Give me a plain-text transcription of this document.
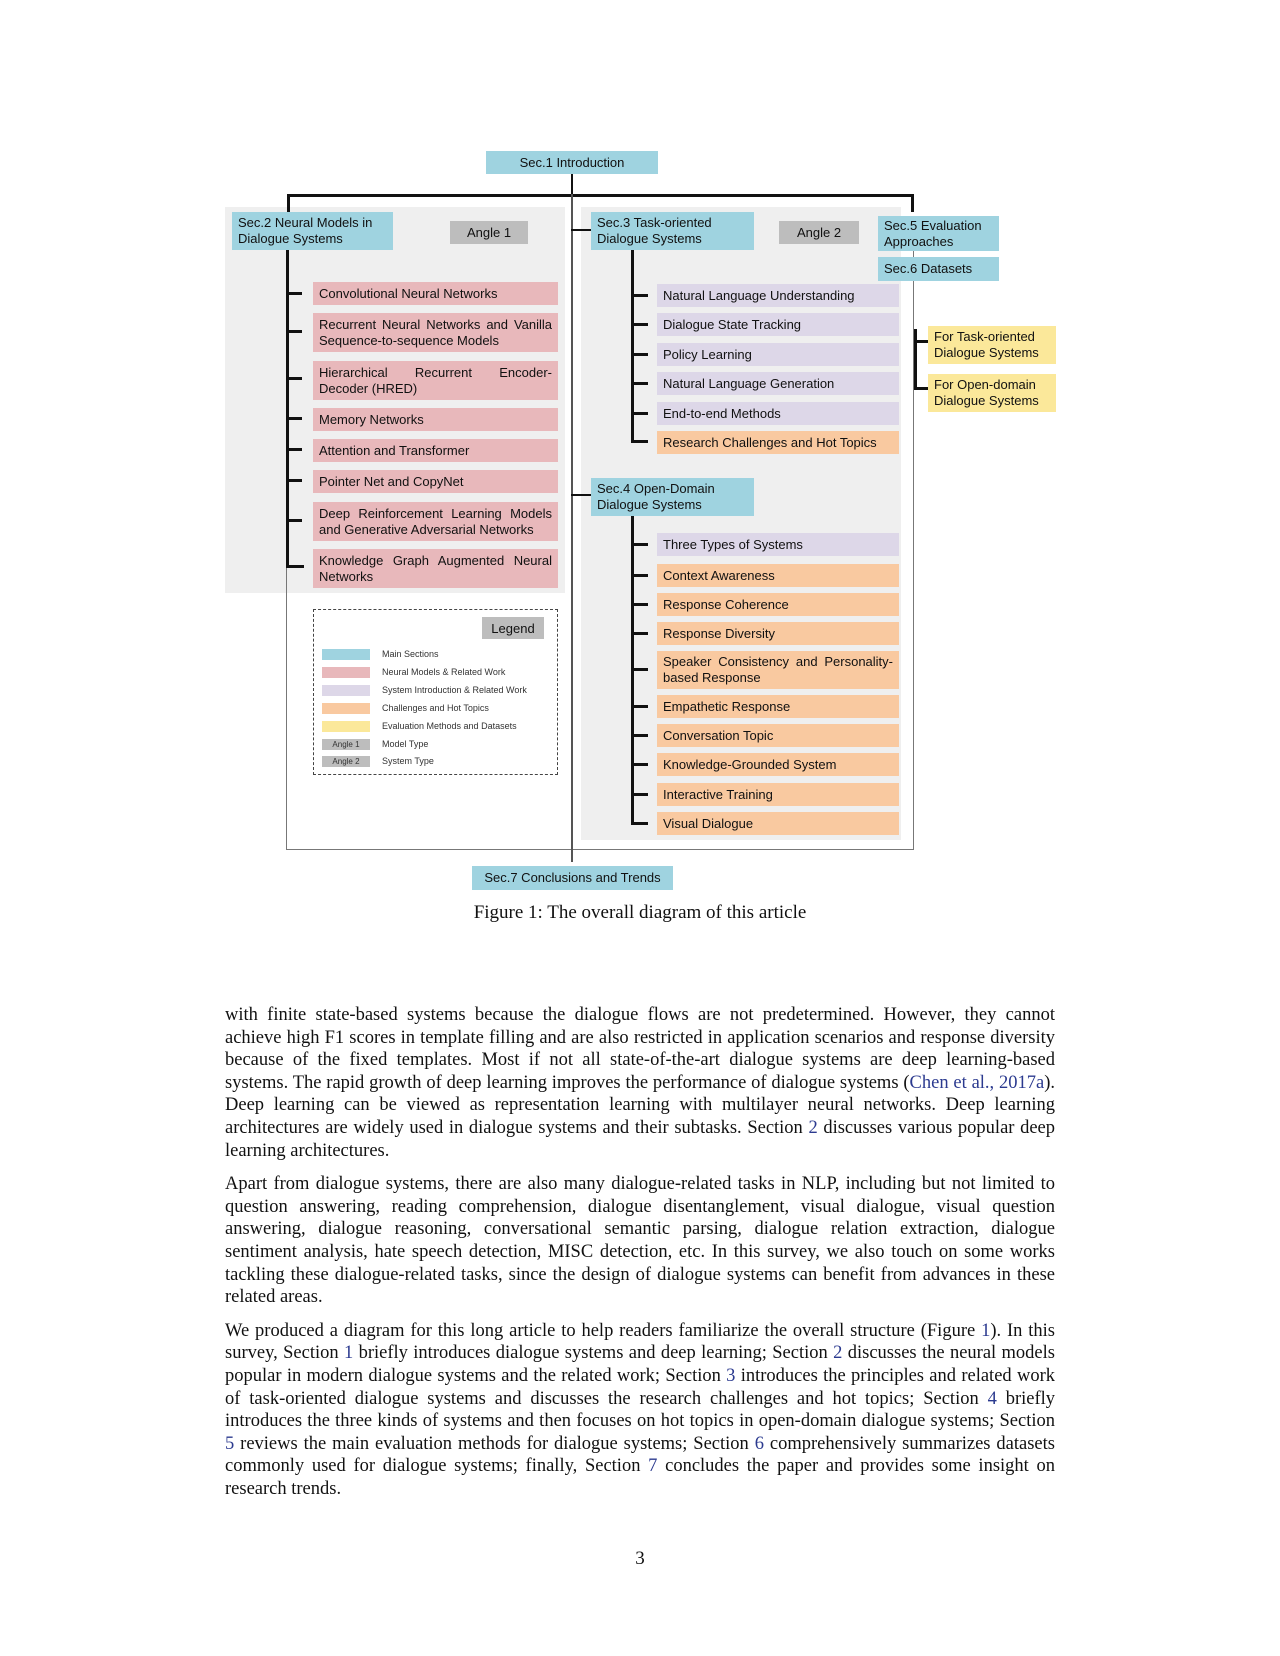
Sec.1 Introduction
Sec.2 Neural Models in Dialogue Systems	Angle 1
Sec.3 Task-oriented Dialogue Systems	Angle 2	Sec.5 Evaluation Approaches
Sec.6 Datasets
For Task-oriented Dialogue Systems
For Open-domain Dialogue Systems
Convolutional Neural Networks
Recurrent Neural Networks and Vanilla Sequence-to-sequence Models
Hierarchical Recurrent Encoder-Decoder (HRED)
Memory Networks
Attention and Transformer
Pointer Net and CopyNet
Deep Reinforcement Learning Models and Generative Adversarial Networks
Knowledge Graph Augmented Neural Networks
Natural Language Understanding
Dialogue State Tracking
Policy Learning
Natural Language Generation
End-to-end Methods
Research Challenges and Hot Topics
Sec.4 Open-Domain Dialogue Systems
Three Types of Systems
Context Awareness
Response Coherence
Response Diversity
Speaker Consistency and Personality-based Response
Empathetic Response
Conversation Topic
Knowledge-Grounded System
Interactive Training
Visual Dialogue
Sec.7 Conclusions and Trends
Legend
Main Sections
Neural Models & Related Work
System Introduction & Related Work
Challenges and Hot Topics
Evaluation Methods and Datasets
Angle 1	Model Type
Angle 2	System Type
Figure 1: The overall diagram of this article

with finite state-based systems because the dialogue flows are not predetermined. However, they cannot achieve high F1 scores in template filling and are also restricted in application scenarios and response diversity because of the fixed templates. Most if not all state-of-the-art dialogue systems are deep learning-based systems. The rapid growth of deep learning improves the performance of dialogue systems (Chen et al., 2017a). Deep learning can be viewed as representation learning with multilayer neural networks. Deep learning architectures are widely used in dialogue systems and their subtasks. Section 2 discusses various popular deep learning architectures.

Apart from dialogue systems, there are also many dialogue-related tasks in NLP, including but not limited to question answering, reading comprehension, dialogue disentanglement, visual dialogue, visual question answering, dialogue reasoning, conversational semantic parsing, dialogue relation extraction, dialogue sentiment analysis, hate speech detection, MISC detection, etc. In this survey, we also touch on some works tackling these dialogue-related tasks, since the design of dialogue systems can benefit from advances in these related areas.

We produced a diagram for this long article to help readers familiarize the overall structure (Figure 1). In this survey, Section 1 briefly introduces dialogue systems and deep learning; Section 2 discusses the neural models popular in modern dialogue systems and the related work; Section 3 introduces the principles and related work of task-oriented dialogue systems and discusses the research challenges and hot topics; Section 4 briefly introduces the three kinds of systems and then focuses on hot topics in open-domain dialogue systems; Section 5 reviews the main evaluation methods for dialogue systems; Section 6 comprehensively summarizes datasets commonly used for dialogue systems; finally, Section 7 concludes the paper and provides some insight on research trends.

3
